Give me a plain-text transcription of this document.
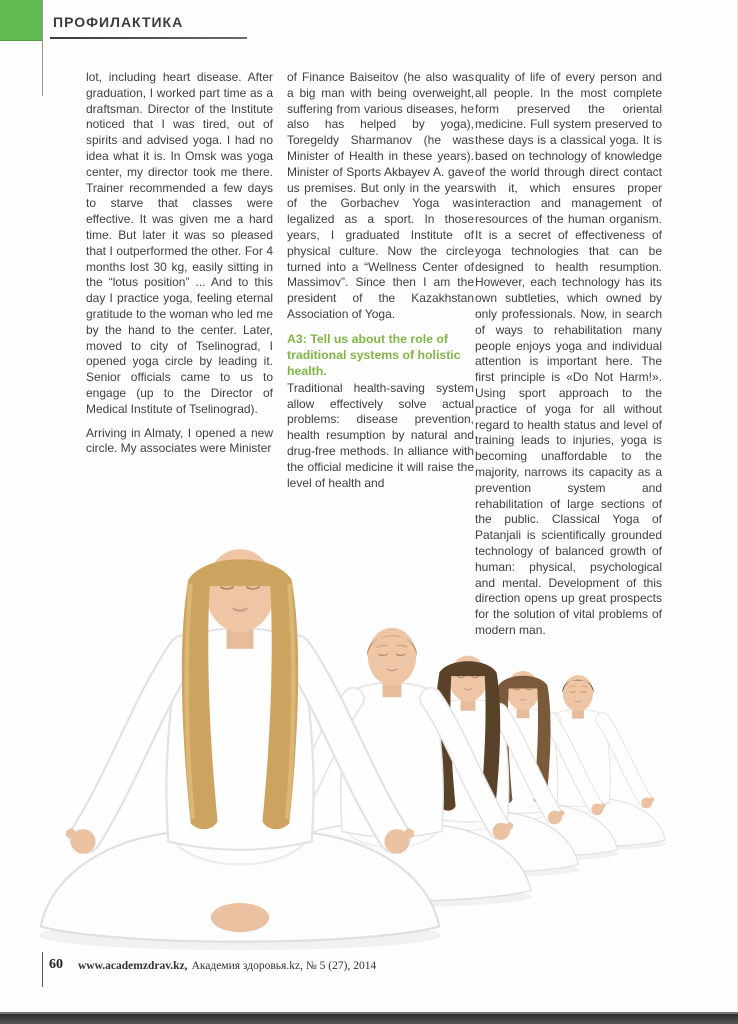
ПРОФИЛАКТИКА

lot, including heart disease. After graduation, I worked part time as a draftsman. Director of the Institute noticed that I was tired, out of spirits and advised yoga. I had no idea what it is. In Omsk was yoga center, my director took me there. Trainer recommended a few days to starve that classes were effective. It was given me a hard time. But later it was so pleased that I outperformed the other. For 4 months lost 30 kg, easily sitting in the “lotus position” ... And to this day I practice yoga, feeling eternal gratitude to the woman who led me by the hand to the center. Later, moved to city of Tselinograd, I opened yoga circle by leading it. Senior officials came to us to engage (up to the Director of Medical Institute of Tselinograd).

Arriving in Almaty, I opened a new circle. My associates were Minister

of Finance Baiseitov (he also was a big man with being overweight, suffering from various diseases, he also has helped by yoga), Toregeldy Sharmanov (he was Minister of Health in these years). Minister of Sports Akbayev A. gave us premises. But only in the years of the Gorbachev Yoga was legalized as a sport. In those years, I graduated Institute of physical culture. Now the circle turned into a “Wellness Center of Massimov”. Since then I am the president of the Kazakhstan Association of Yoga.

A3: Tell us about the role of traditional systems of holistic health.

Traditional health-saving system allow effectively solve actual problems: disease prevention, health resumption by natural and drug-free methods. In alliance with the official medicine it will raise the level of health and

quality of life of every person and all people. In the most complete form preserved the oriental medicine. Full system preserved to these days is a classical yoga. It is based on technology of knowledge of the world through direct contact with it, which ensures proper interaction and management of resources of the human organism. It is a secret of effectiveness of yoga technologies that can be designed to health resumption. However, each technology has its own subtleties, which owned by only professionals. Now, in search of ways to rehabilitation many people enjoys yoga and individual attention is important here. The first principle is «Do Not Harm!». Using sport approach to the practice of yoga for all without regard to health status and level of training leads to injuries, yoga is becoming unaffordable to the majority, narrows its capacity as a prevention system and rehabilitation of large sections of the public. Classical Yoga of Patanjali is scientifically grounded technology of balanced growth of human: physical, psychological and mental. Development of this direction opens up great prospects for the solution of vital problems of modern man.

60 www.academzdrav.kz, Академия здоровья.kz, № 5 (27), 2014
